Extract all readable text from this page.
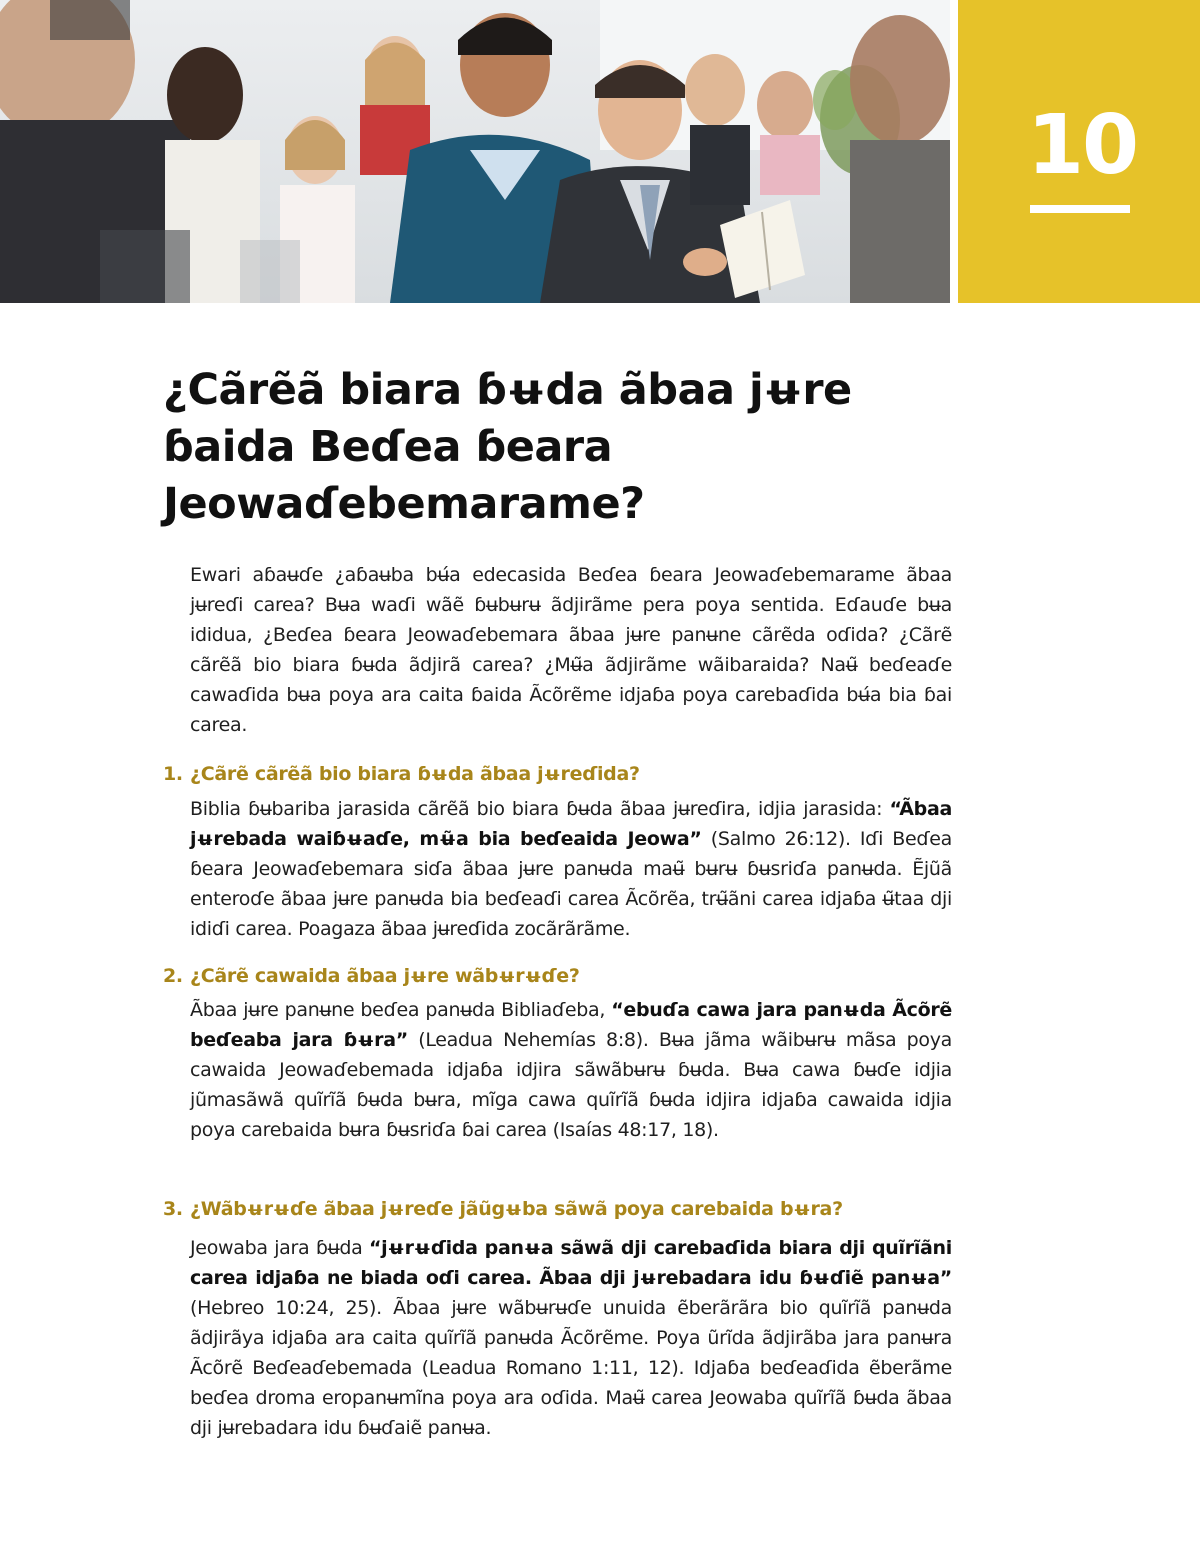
10
¿Cãrẽã biara ɓʉda ãbaa jʉre ɓaida Beɗea ɓeara Jeowaɗebemarame?

Ewari aɓaʉɗe ¿aɓaʉba bʉ́a edecasida Beɗea ɓeara Jeowaɗebemarame ãbaa jʉreɗi carea? Bʉa waɗi wãẽ ɓʉbʉrʉ ãdjirãme pera poya sentida. Eɗauɗe bʉa ididua, ¿Beɗea ɓeara Jeowaɗebemara ãbaa jʉre panʉne cãrẽda oɗida? ¿Cãrẽ cãrẽã bio biara ɓʉda ãdjirã carea? ¿Mʉ̃a ãdjirãme wãibaraida? Naʉ̃ beɗeaɗe cawaɗida bʉa poya ara caita ɓaida Ãcõrẽme idjaɓa poya carebaɗida bʉ́a bia ɓai carea.

1. ¿Cãrẽ cãrẽã bio biara ɓʉda ãbaa jʉreɗida?

Biblia ɓʉbariba jarasida cãrẽã bio biara ɓʉda ãbaa jʉreɗira, idjia jarasida: “Ãbaa jʉrebada waiɓʉaɗe, mʉ̃a bia beɗeaida Jeowa” (Salmo 26:12). Iɗi Beɗea ɓeara Jeowaɗebemara siɗa ãbaa jʉre panʉda maʉ̃ bʉrʉ ɓʉsriɗa panʉda. Ẽjũã enteroɗe ãbaa jʉre panʉda bia beɗeaɗi carea Ãcõrẽa, trʉ̃ãni carea idjaɓa ʉ̃taa dji idiɗi carea. Poagaza ãbaa jʉreɗida zocãrãrãme.

2. ¿Cãrẽ cawaida ãbaa jʉre wãbʉrʉɗe?

Ãbaa jʉre panʉne beɗea panʉda Bibliaɗeba, “ebuɗa cawa jara panʉda Ãcõrẽ beɗeaba jara ɓʉra” (Leadua Nehemías 8:8). Bʉa jãma wãibʉrʉ mãsa poya cawaida Jeowaɗebemada idjaɓa idjira sãwãbʉrʉ ɓʉda. Bʉa cawa ɓʉɗe idjia jũmasãwã quĩrĩã ɓʉda bʉra, mĩga cawa quĩrĩã ɓʉda idjira idjaɓa cawaida idjia poya carebaida bʉra ɓʉsriɗa ɓai carea (Isaías 48:17, 18).

3. ¿Wãbʉrʉɗe ãbaa jʉreɗe jãũgʉba sãwã poya carebaida bʉra?

Jeowaba jara ɓʉda “jʉrʉɗida panʉa sãwã dji carebaɗida biara dji quĩrĩãni carea idjaɓa ne biada oɗi carea. Ãbaa dji jʉrebadara idu ɓʉɗiẽ panʉa” (Hebreo 10:24, 25). Ãbaa jʉre wãbʉrʉɗe unuida ẽberãrãra bio quĩrĩã panʉda ãdjirãya idjaɓa ara caita quĩrĩã panʉda Ãcõrẽme. Poya ũrĩda ãdjirãba jara panʉra Ãcõrẽ Beɗeaɗebemada (Leadua Romano 1:11, 12). Idjaɓa beɗeaɗida ẽberãme beɗea droma eropanʉmĩna poya ara oɗida. Maʉ̃ carea Jeowaba quĩrĩã ɓʉda ãbaa dji jʉrebadara idu ɓʉɗaiẽ panʉa.
